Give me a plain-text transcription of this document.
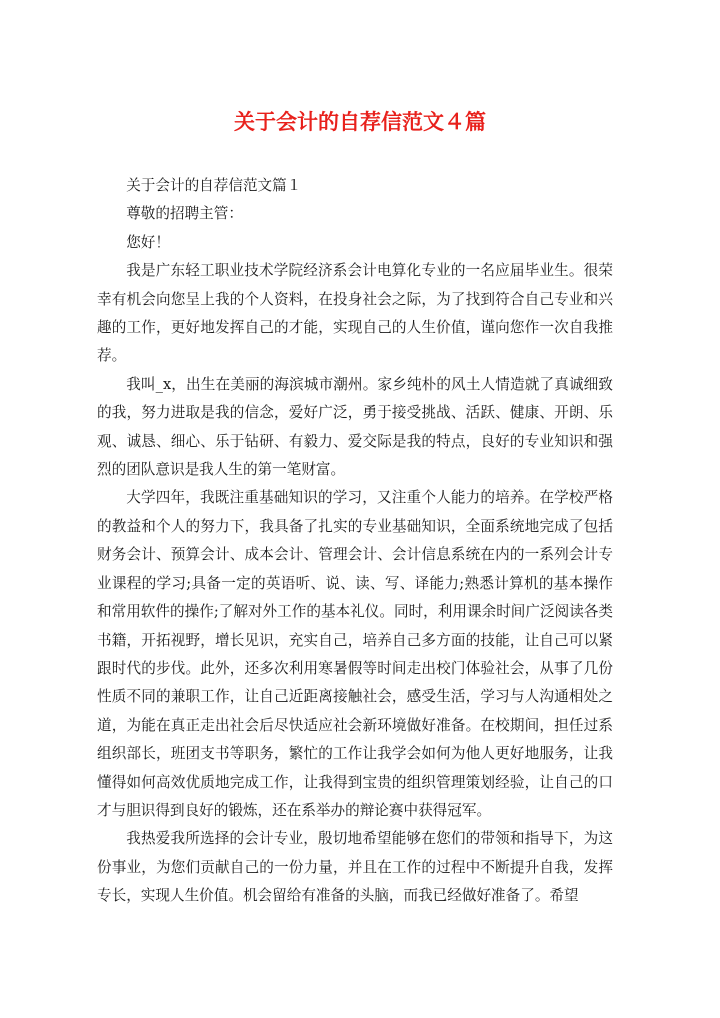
关于会计的自荐信范文４篇

关于会计的自荐信范文篇１

尊敬的招聘主管：

您好！

我是广东轻工职业技术学院经济系会计电算化专业的一名应届毕业生。很荣幸有机会向您呈上我的个人资料，在投身社会之际，为了找到符合自己专业和兴趣的工作，更好地发挥自己的才能，实现自己的人生价值，谨向您作一次自我推荐。

我叫_x，出生在美丽的海滨城市潮州。家乡纯朴的风土人情造就了真诚细致的我，努力进取是我的信念，爱好广泛，勇于接受挑战、活跃、健康、开朗、乐观、诚恳、细心、乐于钻研、有毅力、爱交际是我的特点，良好的专业知识和强烈的团队意识是我人生的第一笔财富。

大学四年，我既注重基础知识的学习，又注重个人能力的培养。在学校严格的教益和个人的努力下，我具备了扎实的专业基础知识，全面系统地完成了包括财务会计、预算会计、成本会计、管理会计、会计信息系统在内的一系列会计专业课程的学习;具备一定的英语听、说、读、写、译能力;熟悉计算机的基本操作和常用软件的操作;了解对外工作的基本礼仪。同时，利用课余时间广泛阅读各类书籍，开拓视野，增长见识，充实自己，培养自己多方面的技能，让自己可以紧跟时代的步伐。此外，还多次利用寒暑假等时间走出校门体验社会，从事了几份性质不同的兼职工作，让自己近距离接触社会，感受生活，学习与人沟通相处之道，为能在真正走出社会后尽快适应社会新环境做好准备。在校期间，担任过系组织部长，班团支书等职务，繁忙的工作让我学会如何为他人更好地服务，让我懂得如何高效优质地完成工作，让我得到宝贵的组织管理策划经验，让自己的口才与胆识得到良好的锻炼，还在系举办的辩论赛中获得冠军。

我热爱我所选择的会计专业，殷切地希望能够在您们的带领和指导下，为这份事业，为您们贡献自己的一份力量，并且在工作的过程中不断提升自我，发挥专长，实现人生价值。机会留给有准备的头脑，而我已经做好准备了。希望
